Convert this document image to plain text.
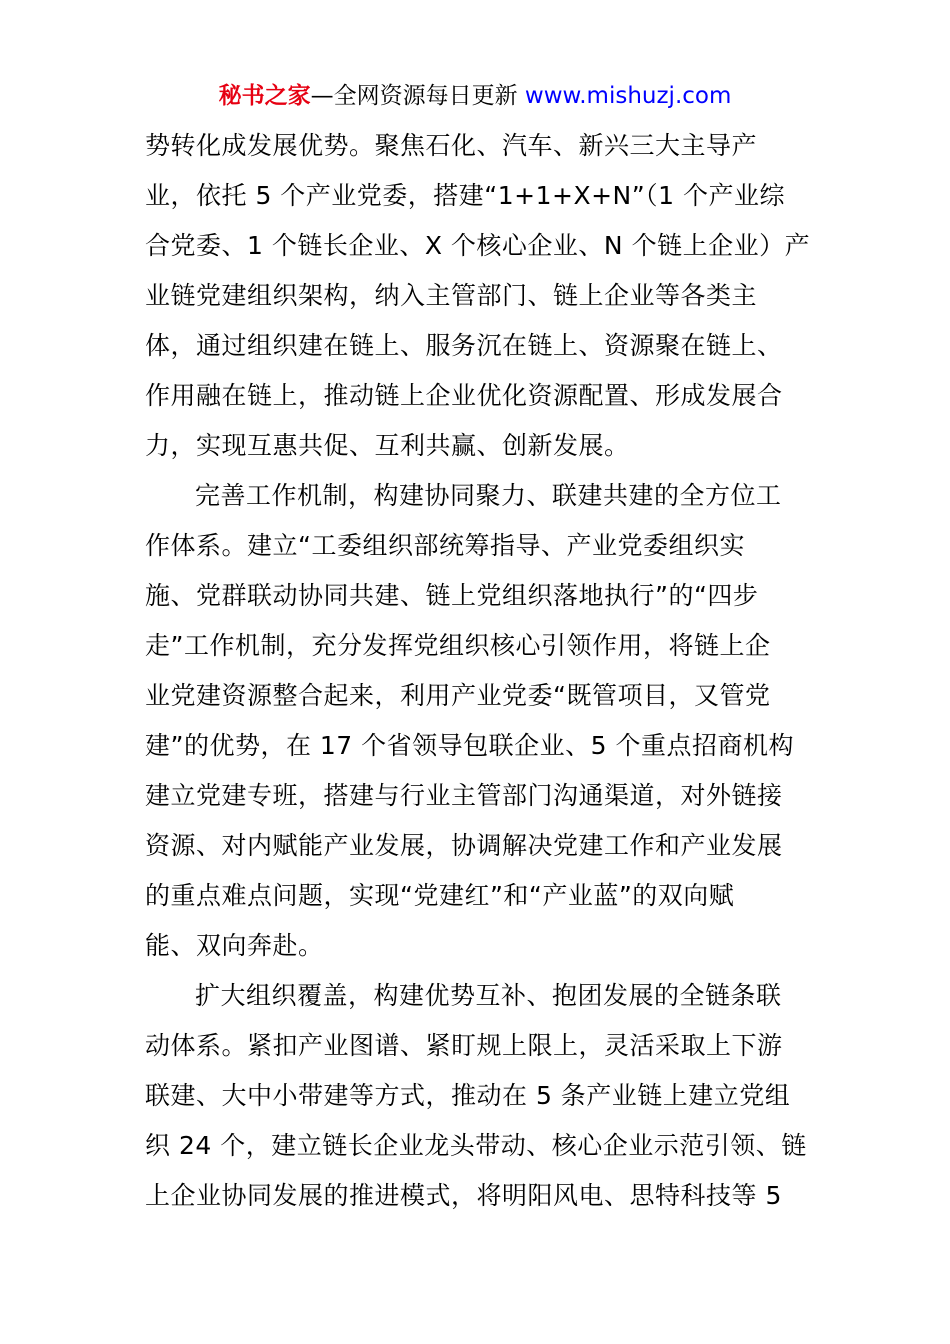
秘书之家—全网资源每日更新 www.mishuzj.com
势转化成发展优势。聚焦石化、汽车、新兴三大主导产
业，依托 5 个产业党委，搭建“1+1+X+N”（1 个产业综
合党委、1 个链长企业、X 个核心企业、N 个链上企业）产
业链党建组织架构，纳入主管部门、链上企业等各类主
体，通过组织建在链上、服务沉在链上、资源聚在链上、
作用融在链上，推动链上企业优化资源配置、形成发展合
力，实现互惠共促、互利共赢、创新发展。
完善工作机制，构建协同聚力、联建共建的全方位工
作体系。建立“工委组织部统筹指导、产业党委组织实
施、党群联动协同共建、链上党组织落地执行”的“四步
走”工作机制，充分发挥党组织核心引领作用，将链上企
业党建资源整合起来，利用产业党委“既管项目，又管党
建”的优势，在 17 个省领导包联企业、5 个重点招商机构
建立党建专班，搭建与行业主管部门沟通渠道，对外链接
资源、对内赋能产业发展，协调解决党建工作和产业发展
的重点难点问题，实现“党建红”和“产业蓝”的双向赋
能、双向奔赴。
扩大组织覆盖，构建优势互补、抱团发展的全链条联
动体系。紧扣产业图谱、紧盯规上限上，灵活采取上下游
联建、大中小带建等方式，推动在 5 条产业链上建立党组
织 24 个，建立链长企业龙头带动、核心企业示范引领、链
上企业协同发展的推进模式，将明阳风电、思特科技等 5
